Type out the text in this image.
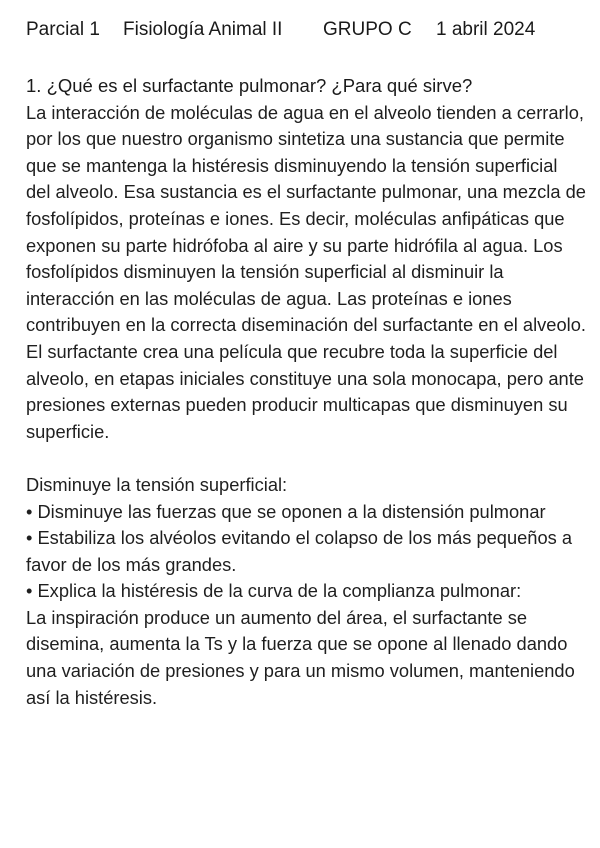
Parcial 1	Fisiología Animal II	GRUPO C	1 abril 2024
1. ¿Qué es el surfactante pulmonar? ¿Para qué sirve?

La interacción de moléculas de agua en el alveolo tienden a cerrarlo, por los que nuestro organismo sintetiza una sustancia que permite que se mantenga la histéresis disminuyendo la tensión superficial del alveolo. Esa sustancia es el surfactante pulmonar, una mezcla de fosfolípidos, proteínas e iones. Es decir, moléculas anfipáticas que exponen su parte hidrófoba al aire y su parte hidrófila al agua. Los fosfolípidos disminuyen la tensión superficial al disminuir la interacción en las moléculas de agua. Las proteínas e iones contribuyen en la correcta diseminación del surfactante en el alveolo.

El surfactante crea una película que recubre toda la superficie del alveolo, en etapas iniciales constituye una sola monocapa, pero ante presiones externas pueden producir multicapas que disminuyen su superficie.

Disminuye la tensión superficial:

• Disminuye las fuerzas que se oponen a la distensión pulmonar

• Estabiliza los alvéolos evitando el colapso de los más pequeños a favor de los más grandes.

• Explica la histéresis de la curva de la complianza pulmonar:

La inspiración produce un aumento del área, el surfactante se disemina, aumenta la Ts y la fuerza que se opone al llenado dando una variación de presiones y para un mismo volumen, manteniendo así la histéresis.
